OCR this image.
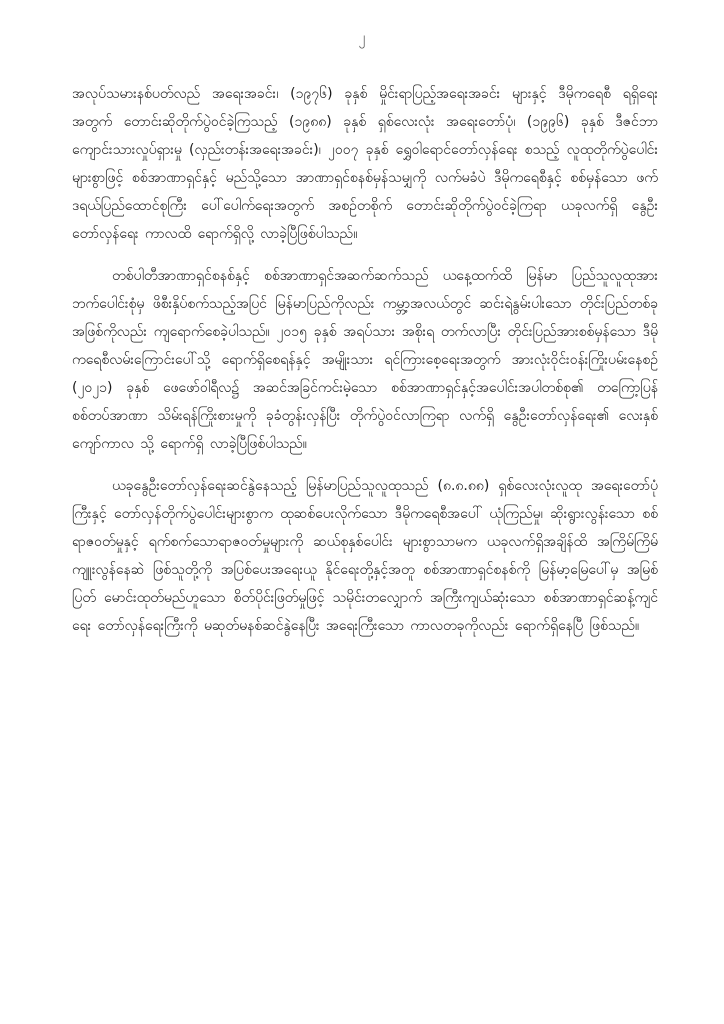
၂

အလုပ်သမားနစ်ပတ်လည် အရေးအခင်း၊ (၁၉၇၆) ခုနှစ် မှိုင်းရာပြည့်အရေးအခင်း များနှင့် ဒီမိုကရေစီ ရရှိရေးအတွက် တောင်းဆိုတိုက်ပွဲဝင်ခဲ့ကြသည့် (၁၉၈၈) ခုနှစ် ရှစ်လေးလုံး အရေးတော်ပုံ၊ (၁၉၉၆) ခုနှစ် ဒီဇင်ဘာ ကျောင်းသားလှုပ်ရှားမှု (လှည်းတန်းအရေးအခင်း)၊ ၂၀၀၇ ခုနှစ် ရွှေဝါရောင်တော်လှန်ရေး စသည့် လူထုတိုက်ပွဲပေါင်းများစွာဖြင့် စစ်အာဏာရှင်နှင့် မည်သို့သော အာဏာရှင်စနစ်မှန်သမျှကို လက်မခံပဲ ဒီမိုကရေစီနှင့် စစ်မှန်သော ဖက်ဒရယ်ပြည်ထောင်စုကြီး ပေါ်ပေါက်ရေးအတွက် အစဉ်တစိုက် တောင်းဆိုတိုက်ပွဲဝင်ခဲ့ကြရာ ယခုလက်ရှိ နွေဦးတော်လှန်ရေး ကာလထိ ရောက်ရှိလို့ လာခဲ့ပြီဖြစ်ပါသည်။

တစ်ပါတီအာဏာရှင်စနစ်နှင့် စစ်အာဏာရှင်အဆက်ဆက်သည် ယနေ့ထက်ထိ မြန်မာ ပြည်သူလူထုအား ဘက်ပေါင်းစုံမှ ဖိစီးနှိပ်စက်သည့်အပြင် မြန်မာပြည်ကိုလည်း ကမ္ဘာ့အလယ်တွင် ဆင်းရဲနွမ်းပါးသော တိုင်းပြည်တစ်ခုအဖြစ်ကိုလည်း ကျရောက်စေခဲ့ပါသည်။ ၂၀၁၅ ခုနှစ် အရပ်သား အစိုးရ တက်လာပြီး တိုင်းပြည်အားစစ်မှန်သော ဒီမိုကရေစီလမ်းကြောင်းပေါ်သို့ ရောက်ရှိစေရန်နှင့် အမျိုးသား ရင်ကြားစေ့ရေးအတွက် အားလုံးဝိုင်းဝန်းကြိုးပမ်းနေစဉ် (၂၀၂၁) ခုနှစ် ဖေဖော်ဝါရီလ၌ အဆင်အခြင်ကင်းမဲ့သော စစ်အာဏာရှင်နှင့်အပေါင်းအပါတစ်စု၏ တကြော့ပြန် စစ်တပ်အာဏာ သိမ်းရန်ကြိုးစားမှုကို ခုခံတွန်းလှန်ပြီး တိုက်ပွဲဝင်လာကြရာ လက်ရှိ နွေဦးတော်လှန်ရေး၏ လေးနှစ်ကျော်ကာလ သို့ ရောက်ရှိ လာခဲ့ပြီဖြစ်ပါသည်။

ယခုနွေဦးတော်လှန်ရေးဆင်နွဲနေသည့် မြန်မာပြည်သူလူထုသည် (၈.၈.၈၈) ရှစ်လေးလုံးလူထု အရေးတော်ပုံကြီးနှင့် တော်လှန်တိုက်ပွဲပေါင်းများစွာက ထုဆစ်ပေးလိုက်သော ဒီမိုကရေစီအပေါ် ယုံကြည်မှု၊ ဆိုးရွားလွန်းသော စစ်ရာဇဝတ်မှုနှင့် ရက်စက်သောရာဇဝတ်မှုများကို ဆယ်စုနှစ်ပေါင်း များစွာသာမက ယခုလက်ရှိအချိန်ထိ အကြိမ်ကြိမ်ကျူးလွန်နေဆဲ ဖြစ်သူတို့ကို အပြစ်ပေးအရေးယူ နိုင်ရေးတို့နှင့်အတူ စစ်အာဏာရှင်စနစ်ကို မြန်မာ့မြေပေါ်မှ အမြစ်ပြတ် မောင်းထုတ်မည်ဟူသော စိတ်ပိုင်းဖြတ်မှုဖြင့် သမိုင်းတလျှောက် အကြီးကျယ်ဆုံးသော စစ်အာဏာရှင်ဆန့်ကျင်ရေး တော်လှန်ရေးကြီးကို မဆုတ်မနစ်ဆင်နွဲနေပြီး အရေးကြီးသော ကာလတခုကိုလည်း ရောက်ရှိနေပြီ ဖြစ်သည်။
